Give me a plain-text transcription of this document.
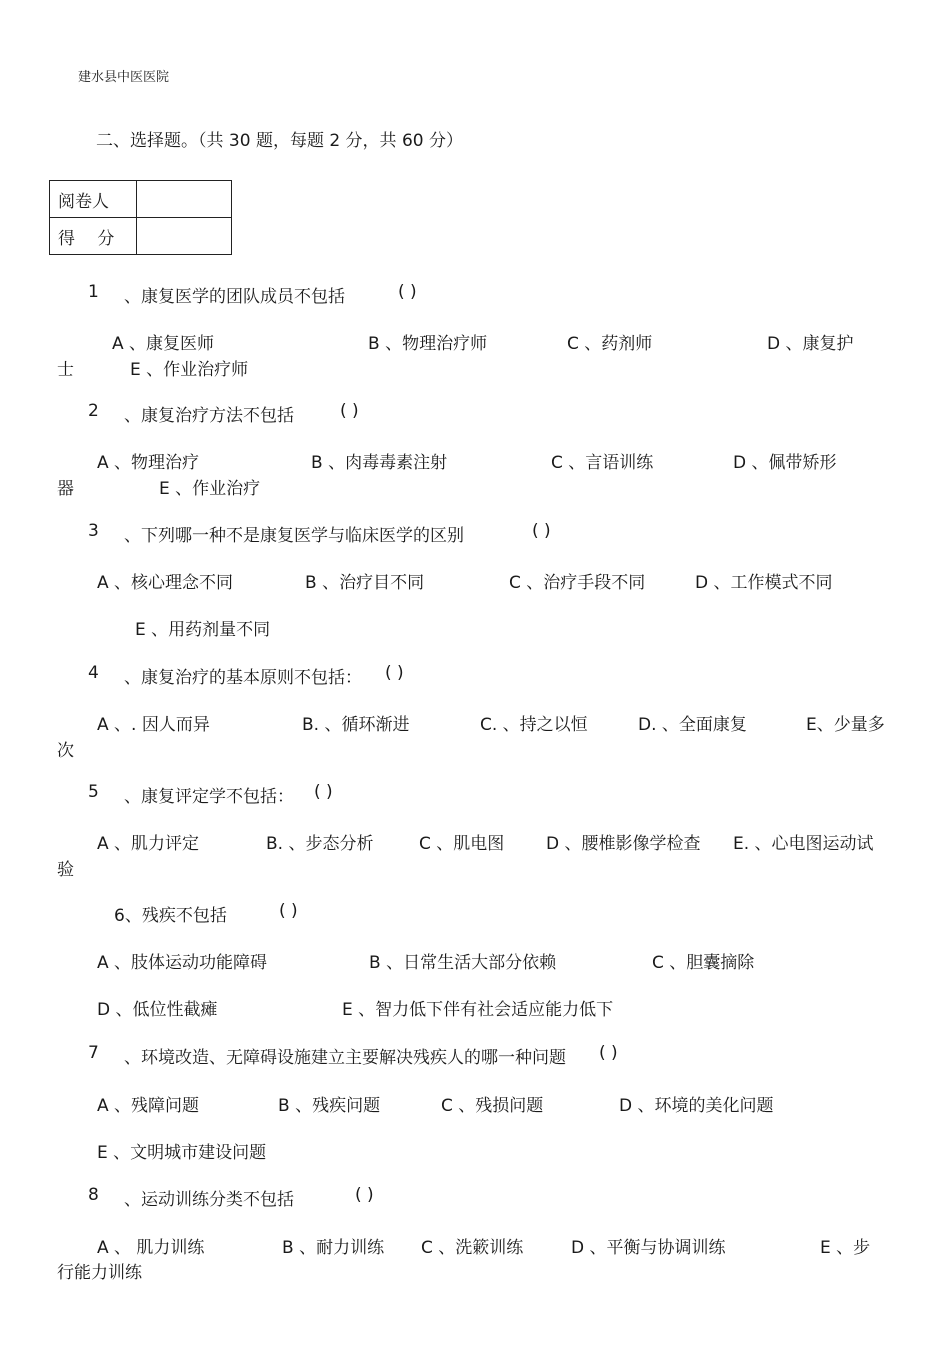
建水县中医医院
二、选择题。（共 30 题，每题 2 分，共 60 分）
阅卷人	
得　 分	
1 、康复医学的团队成员不包括	( )
A 、康复医师	B 、物理治疗师	C 、药剂师	D 、康复护
士	E 、作业治疗师
2 、康复治疗方法不包括	( )
A 、物理治疗	B 、肉毒毒素注射	C 、言语训练	D 、佩带矫形
器	E 、作业治疗
3 、下列哪一种不是康复医学与临床医学的区别	( )
A 、核心理念不同	B 、治疗目不同	C 、治疗手段不同	D 、工作模式不同
E 、用药剂量不同
4 、康复治疗的基本原则不包括： ( )
A 、. 因人而异	B. 、循环渐进	C. 、持之以恒	D. 、全面康复	E、少量多
次
5 、康复评定学不包括： ( )
A 、肌力评定	B. 、步态分析	C 、肌电图 D 、腰椎影像学检查 E. 、心电图运动试
验
6、残疾不包括	( )
A 、肢体运动功能障碍	B 、日常生活大部分依赖	C 、胆囊摘除
D 、低位性截瘫	E 、智力低下伴有社会适应能力低下
7 、环境改造、无障碍设施建立主要解决残疾人的哪一种问题 ( )
A 、残障问题	B 、残疾问题	C 、残损问题	D 、环境的美化问题
E 、文明城市建设问题
8 、运动训练分类不包括	( )
A 、 肌力训练	B 、耐力训练 C 、洗簌训练	D 、平衡与协调训练	E 、步
行能力训练
